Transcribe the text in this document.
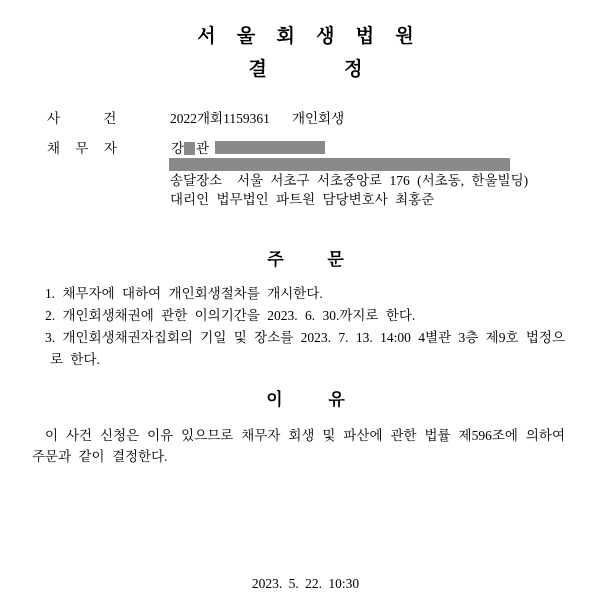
서 울 회 생 법 원
결 정
사 건	2022개회1159361   개인회생
채 무 자	강 관
송달장소  서울 서초구 서초중앙로 176 (서초동, 한울빌딩)
대리인 법무법인 파트원 담당변호사 최홍준
주 문
1. 채무자에 대하여 개인회생절차를 개시한다.
2. 개인회생채권에 관한 이의기간을 2023. 6. 30.까지로 한다.
3. 개인회생채권자집회의 기일 및 장소를 2023. 7. 13. 14:00 4별관 3층 제9호 법정으
로 한다.
이 유
이 사건 신청은 이유 있으므로 채무자 회생 및 파산에 관한 법률 제596조에 의하여
주문과 같이 결정한다.
2023. 5. 22. 10:30
